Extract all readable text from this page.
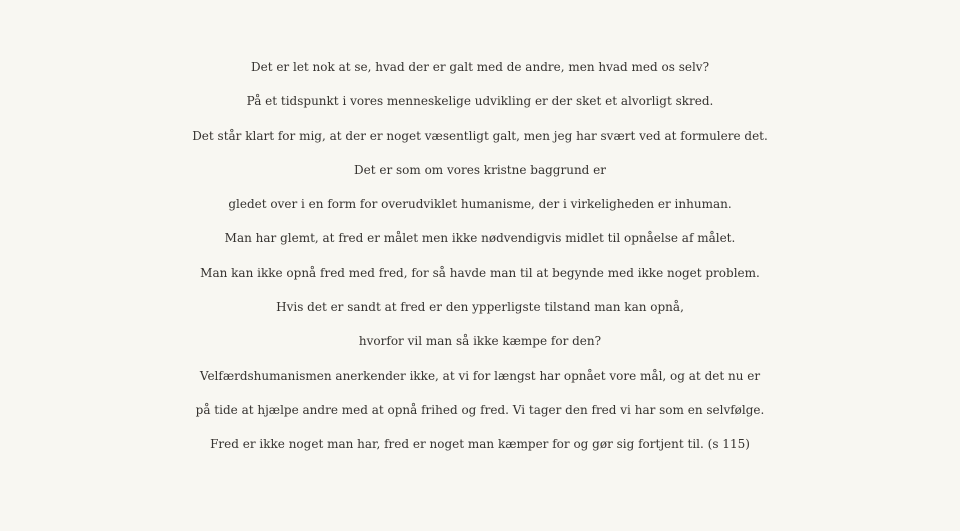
Det er let nok at se, hvad der er galt med de andre, men hvad med os selv?
På et tidspunkt i vores menneskelige udvikling er der sket et alvorligt skred.
Det står klart for mig, at der er noget væsentligt galt, men jeg har svært ved at formulere det.
Det er som om vores kristne baggrund er
gledet over i en form for overudviklet humanisme, der i virkeligheden er inhuman.
Man har glemt, at fred er målet men ikke nødvendigvis midlet til opnåelse af målet.
Man kan ikke opnå fred med fred, for så havde man til at begynde med ikke noget problem.
Hvis det er sandt at fred er den ypperligste tilstand man kan opnå,
hvorfor vil man så ikke kæmpe for den?
Velfærdshumanismen anerkender ikke, at vi for længst har opnået vore mål, og at det nu er
på tide at hjælpe andre med at opnå frihed og fred. Vi tager den fred vi har som en selvfølge.
Fred er ikke noget man har, fred er noget man kæmper for og gør sig fortjent til. (s 115)
